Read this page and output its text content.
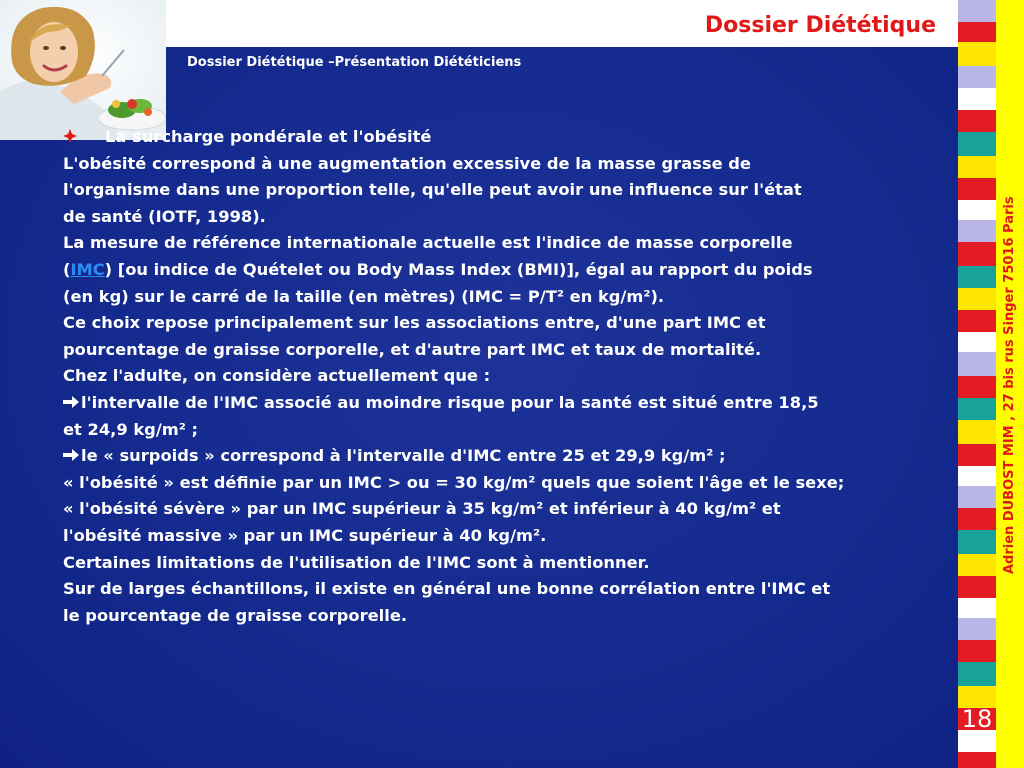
Dossier Diététique
Dossier Diététique –Présentation Diététiciens
Adrien DUBOST MIM , 27 bis rus Singer 75016 Paris
La surcharge pondérale et l'obésité
L'obésité correspond à une augmentation excessive de la masse grasse de
l'organisme dans une proportion telle, qu'elle peut avoir une influence sur l'état
de santé (IOTF, 1998).
La mesure de référence internationale actuelle est l'indice de masse corporelle
(IMC) [ou indice de Quételet ou Body Mass Index (BMI)], égal au rapport du poids
(en kg) sur le carré de la taille (en mètres) (IMC = P/T² en kg/m²).
Ce choix repose principalement sur les associations entre, d'une part IMC et
pourcentage de graisse corporelle, et d'autre part IMC et taux de mortalité.
Chez l'adulte, on considère actuellement que :
l'intervalle de l'IMC associé au moindre risque pour la santé est situé entre 18,5
et 24,9 kg/m² ;
le « surpoids » correspond à l'intervalle d'IMC entre 25 et 29,9 kg/m² ;
« l'obésité » est définie par un IMC > ou = 30 kg/m² quels que soient l'âge et le sexe;
« l'obésité sévère » par un IMC supérieur à 35 kg/m² et inférieur à 40 kg/m² et
l'obésité massive » par un IMC supérieur à 40 kg/m².
Certaines limitations de l'utilisation de l'IMC sont à mentionner.
Sur de larges échantillons, il existe en général une bonne corrélation entre l'IMC et
le pourcentage de graisse corporelle.
18
